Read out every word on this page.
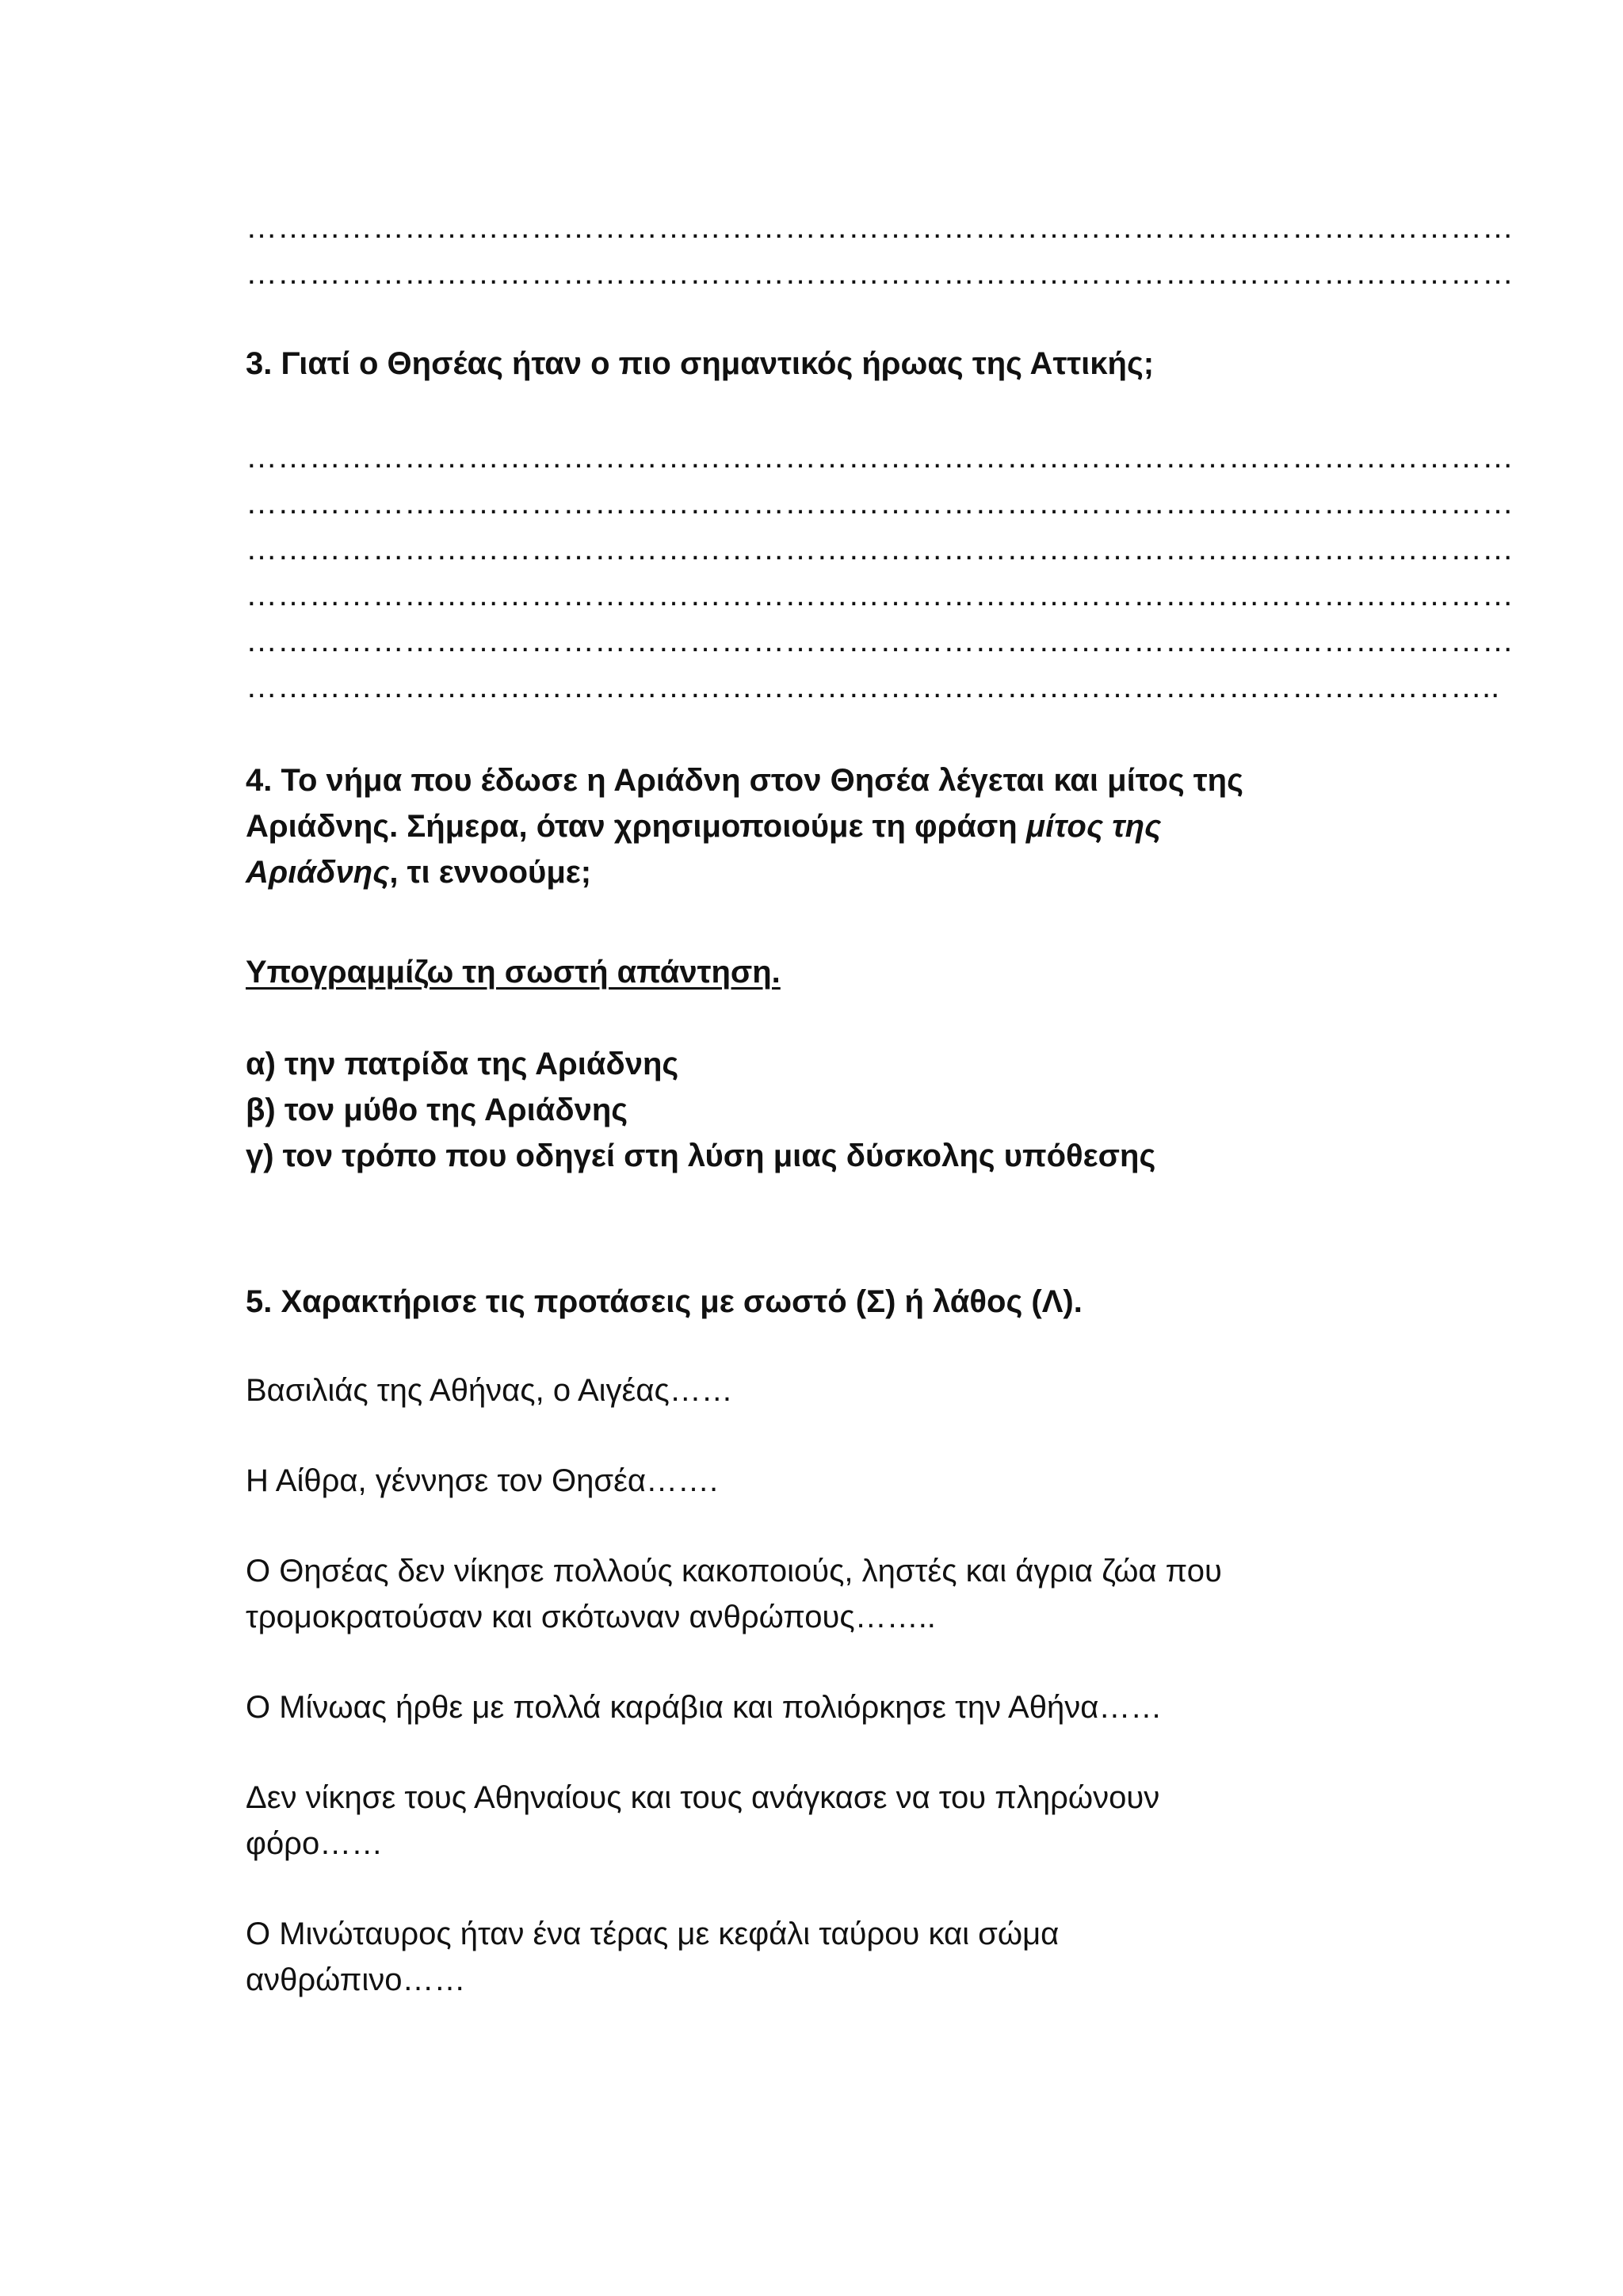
…………………………………………………………………………………………………………
…………………………………………………………………………………………………………
3. Γιατί ο Θησέας ήταν ο πιο σημαντικός ήρωας της Αττικής;
…………………………………………………………………………………………………………
…………………………………………………………………………………………………………
…………………………………………………………………………………………………………
…………………………………………………………………………………………………………
…………………………………………………………………………………………………………
………………………………………………………………………………………………………..
4. Το νήμα που έδωσε η Αριάδνη στον Θησέα λέγεται και μίτος της
Αριάδνης. Σήμερα, όταν χρησιμοποιούμε τη φράση μίτος της
Αριάδνης, τι εννοούμε;
Υπογραμμίζω τη σωστή απάντηση.
α) την πατρίδα της Αριάδνης
β) τον μύθο της Αριάδνης
γ) τον τρόπο που οδηγεί στη λύση μιας δύσκολης υπόθεσης
5. Χαρακτήρισε τις προτάσεις με σωστό (Σ) ή λάθος (Λ).
Βασιλιάς της Αθήνας, ο Αιγέας……
Η Αίθρα, γέννησε τον Θησέα…….
Ο Θησέας δεν νίκησε πολλούς κακοποιούς, ληστές και άγρια ζώα που
τρομοκρατούσαν και σκότωναν ανθρώπους……..
Ο Μίνωας ήρθε με πολλά καράβια και πολιόρκησε την Αθήνα……
Δεν νίκησε τους Αθηναίους και τους ανάγκασε να του πληρώνουν
φόρο……
Ο Μινώταυρος ήταν ένα τέρας με κεφάλι ταύρου και σώμα
ανθρώπινο……
